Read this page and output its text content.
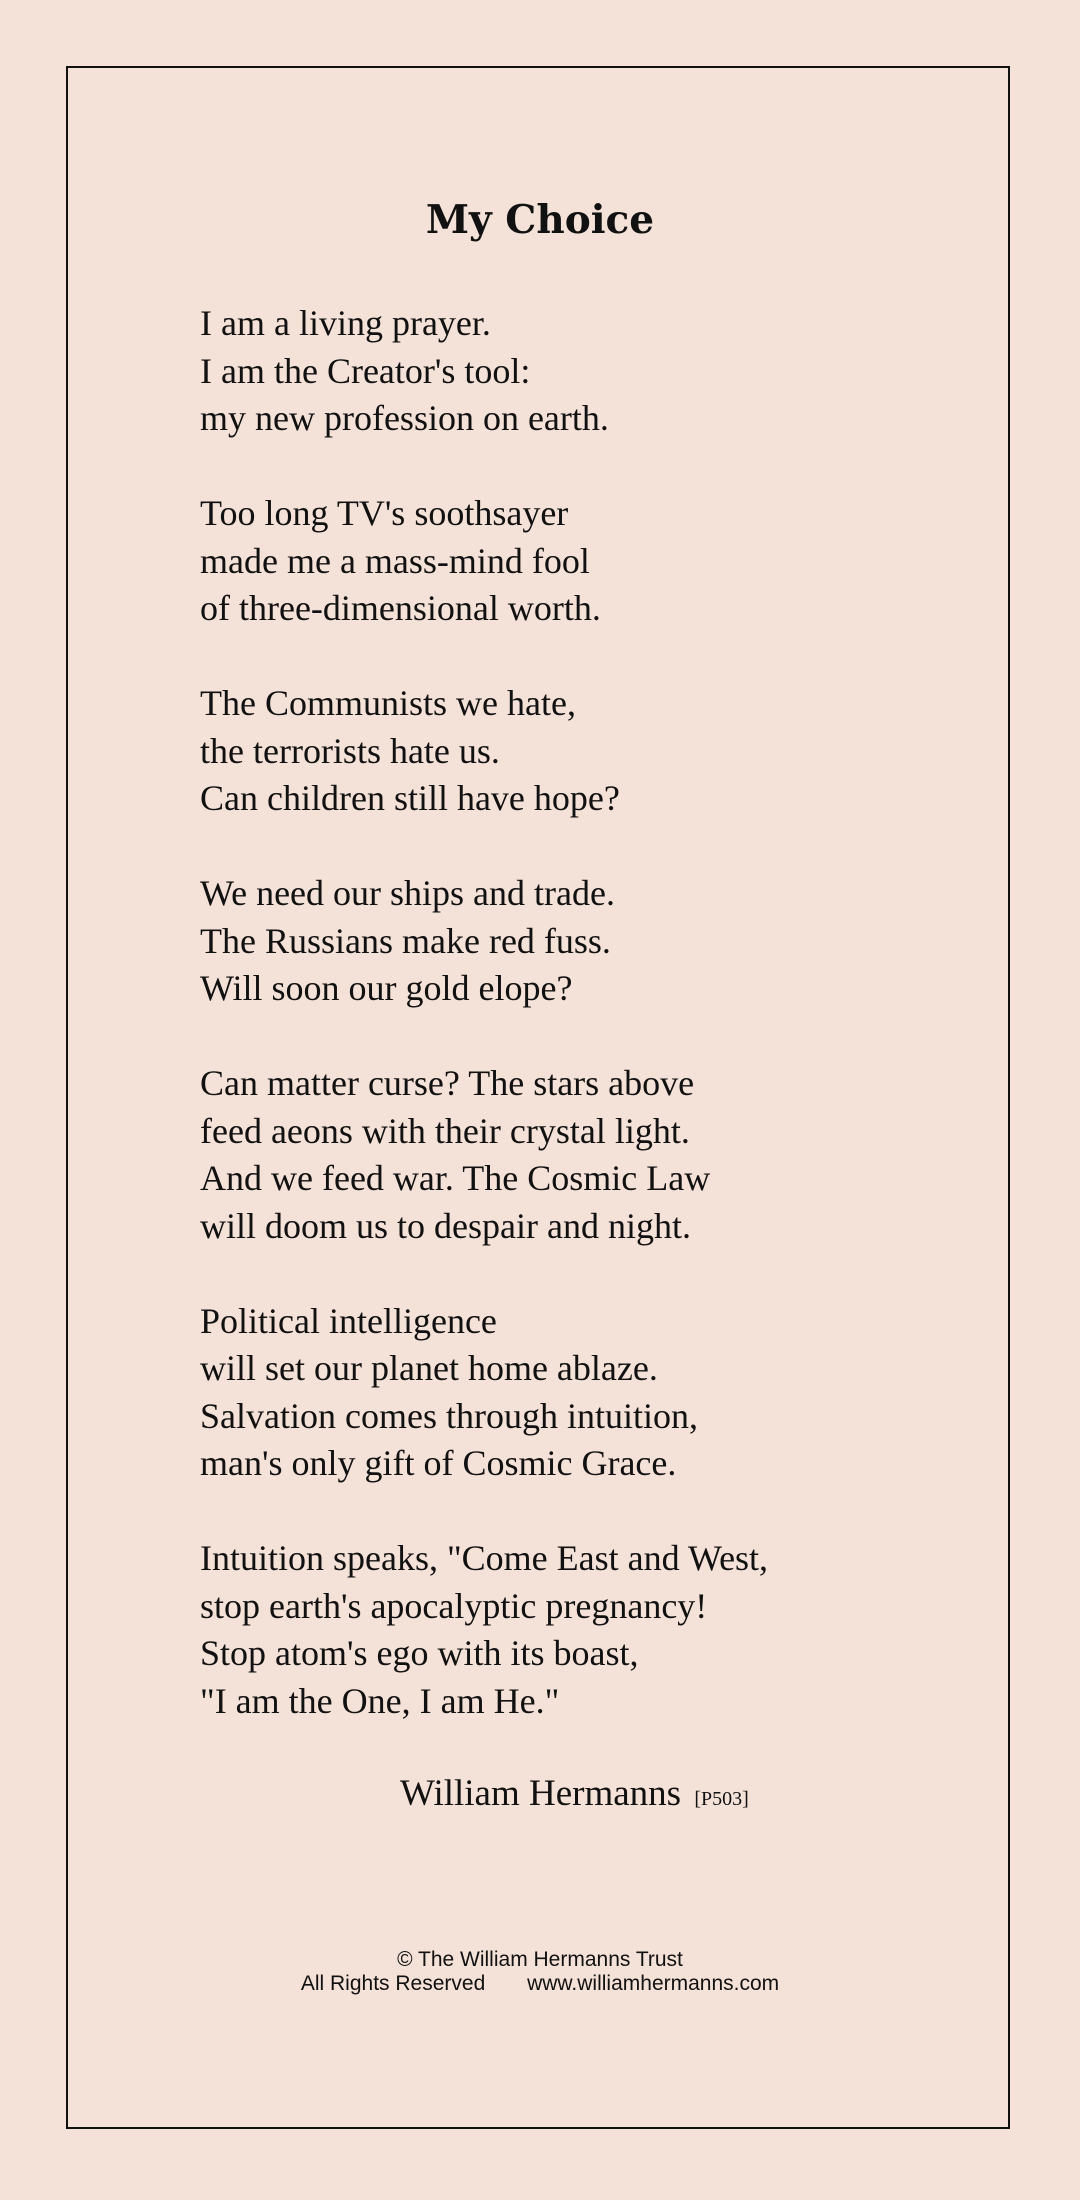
My Choice
I am a living prayer.
I am the Creator's tool:
my new profession on earth.
Too long TV's soothsayer
made me a mass-mind fool
of three-dimensional worth.
The Communists we hate,
the terrorists hate us.
Can children still have hope?
We need our ships and trade.
The Russians make red fuss.
Will soon our gold elope?
Can matter curse? The stars above
feed aeons with their crystal light.
And we feed war. The Cosmic Law
will doom us to despair and night.
Political intelligence
will set our planet home ablaze.
Salvation comes through intuition,
man's only gift of Cosmic Grace.
Intuition speaks, "Come East and West,
stop earth's apocalyptic pregnancy!
Stop atom's ego with its boast,
"I am the One, I am He."
William Hermanns [P503]
© The William Hermanns Trust
All Rights Reserved www.williamhermanns.com
